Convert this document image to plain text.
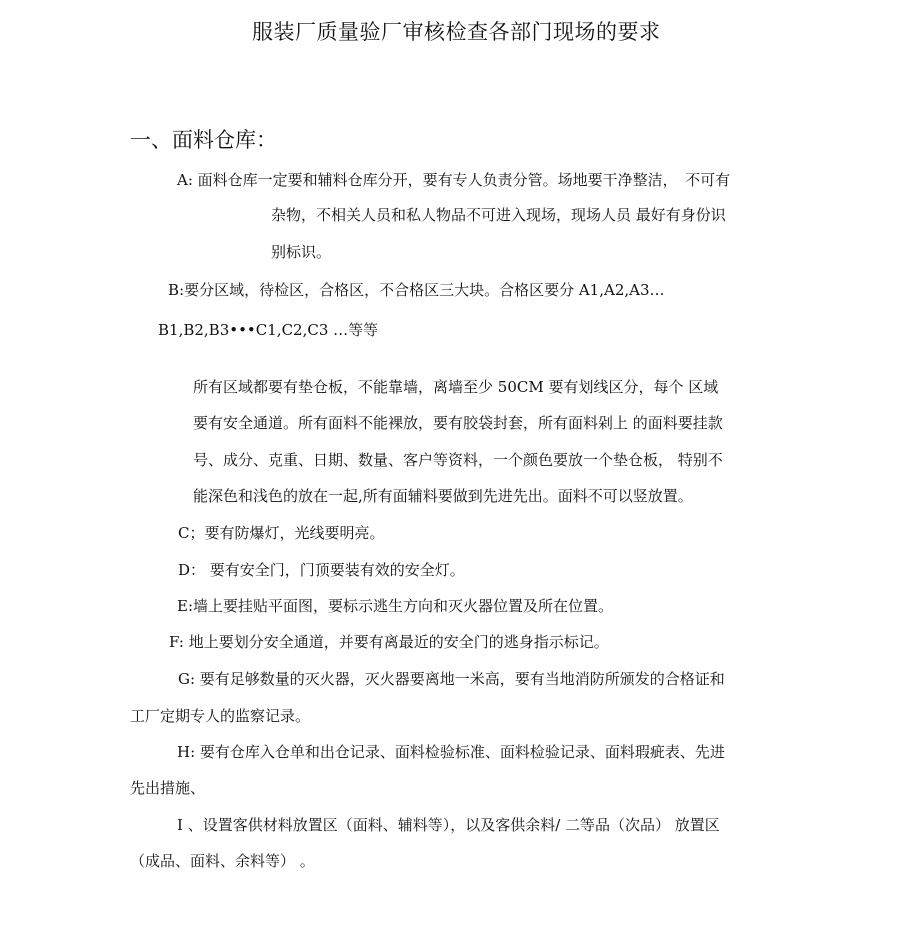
服装厂质量验厂审核检查各部门现场的要求
一、面料仓库：
A: 面料仓库一定要和辅料仓库分开，要有专人负责分管。场地要干净整洁，　不可有
杂物，不相关人员和私人物品不可进入现场，现场人员 最好有身份识
别标识。
B:要分区域，待检区，合格区，不合格区三大块。合格区要分 A1,A2,A3…
B1,B2,B3•••C1,C2,C3 …等等
所有区域都要有垫仓板，不能靠墙，离墙至少 50CM 要有划线区分，每个 区域
要有安全通道。所有面料不能裸放，要有胶袋封套，所有面料剁上 的面料要挂款
号、成分、克重、日期、数量、客户等资料，一个颜色要放一个垫仓板， 特别不
能深色和浅色的放在一起,所有面辅料要做到先进先出。面料不可以竖放置。
C；要有防爆灯，光线要明亮。
D： 要有安全门，门顶要装有效的安全灯。
E:墙上要挂贴平面图，要标示逃生方向和灭火器位置及所在位置。
F: 地上要划分安全通道，并要有离最近的安全门的逃身指示标记。
G: 要有足够数量的灭火器，灭火器要离地一米高，要有当地消防所颁发的合格证和
工厂定期专人的监察记录。
H: 要有仓库入仓单和出仓记录、面料检验标准、面料检验记录、面料瑕疵表、先进
先出措施、
I 、设置客供材料放置区（面料、辅料等），以及客供余料/ 二等品（次品） 放置区
（成品、面料、余料等） 。
